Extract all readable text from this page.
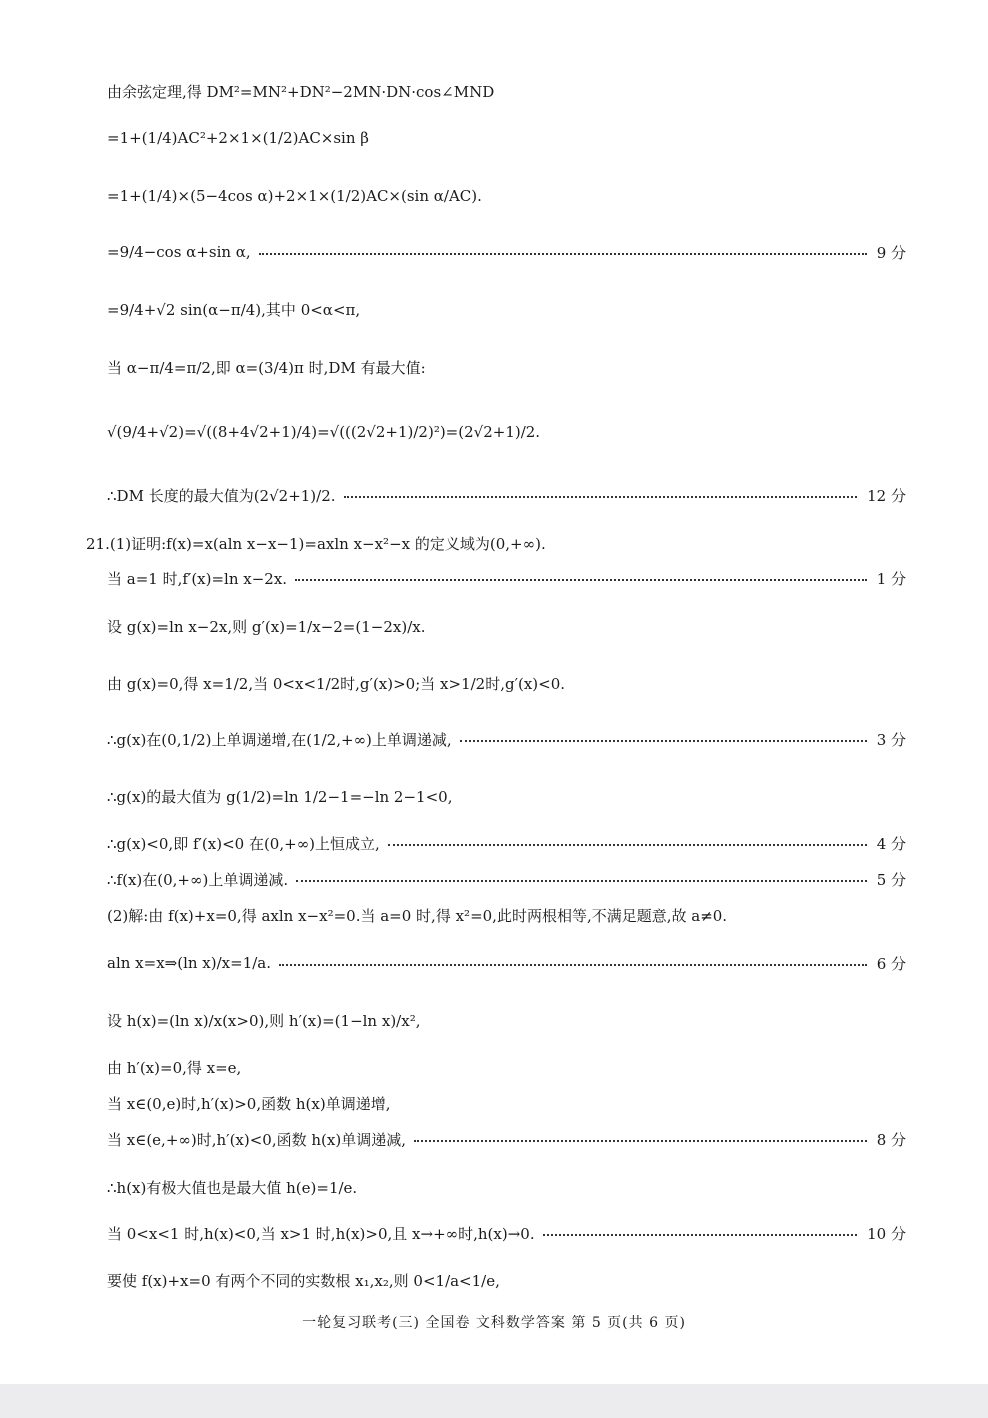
由余弦定理,得 DM²=MN²+DN²−2MN·DN·cos∠MND
=1+(1/4)AC²+2×1×(1/2)AC×sin β
=1+(1/4)×(5−4cos α)+2×1×(1/2)AC×(sin α/AC).
=9/4−cos α+sin α,	9 分
=9/4+√2 sin(α−π/4),其中 0<α<π,
当 α−π/4=π/2,即 α=(3/4)π 时,DM 有最大值:
√(9/4+√2)=√((8+4√2+1)/4)=√(((2√2+1)/2)²)=(2√2+1)/2.
∴DM 长度的最大值为(2√2+1)/2.	12 分
21.(1)证明:f(x)=x(aln x−x−1)=axln x−x²−x 的定义域为(0,+∞).
当 a=1 时,f′(x)=ln x−2x.	1 分
设 g(x)=ln x−2x,则 g′(x)=1/x−2=(1−2x)/x.
由 g(x)=0,得 x=1/2,当 0<x<1/2时,g′(x)>0;当 x>1/2时,g′(x)<0.
∴g(x)在(0,1/2)上单调递增,在(1/2,+∞)上单调递减,	3 分
∴g(x)的最大值为 g(1/2)=ln 1/2−1=−ln 2−1<0,
∴g(x)<0,即 f′(x)<0 在(0,+∞)上恒成立,	4 分
∴f(x)在(0,+∞)上单调递减.	5 分
(2)解:由 f(x)+x=0,得 axln x−x²=0.当 a=0 时,得 x²=0,此时两根相等,不满足题意,故 a≠0.
aln x=x⇒(ln x)/x=1/a.	6 分
设 h(x)=(ln x)/x(x>0),则 h′(x)=(1−ln x)/x²,
由 h′(x)=0,得 x=e,
当 x∈(0,e)时,h′(x)>0,函数 h(x)单调递增,
当 x∈(e,+∞)时,h′(x)<0,函数 h(x)单调递减,	8 分
∴h(x)有极大值也是最大值 h(e)=1/e.
当 0<x<1 时,h(x)<0,当 x>1 时,h(x)>0,且 x→+∞时,h(x)→0.	10 分
要使 f(x)+x=0 有两个不同的实数根 x₁,x₂,则 0<1/a<1/e,
一轮复习联考(三) 全国卷 文科数学答案 第 5 页(共 6 页)
